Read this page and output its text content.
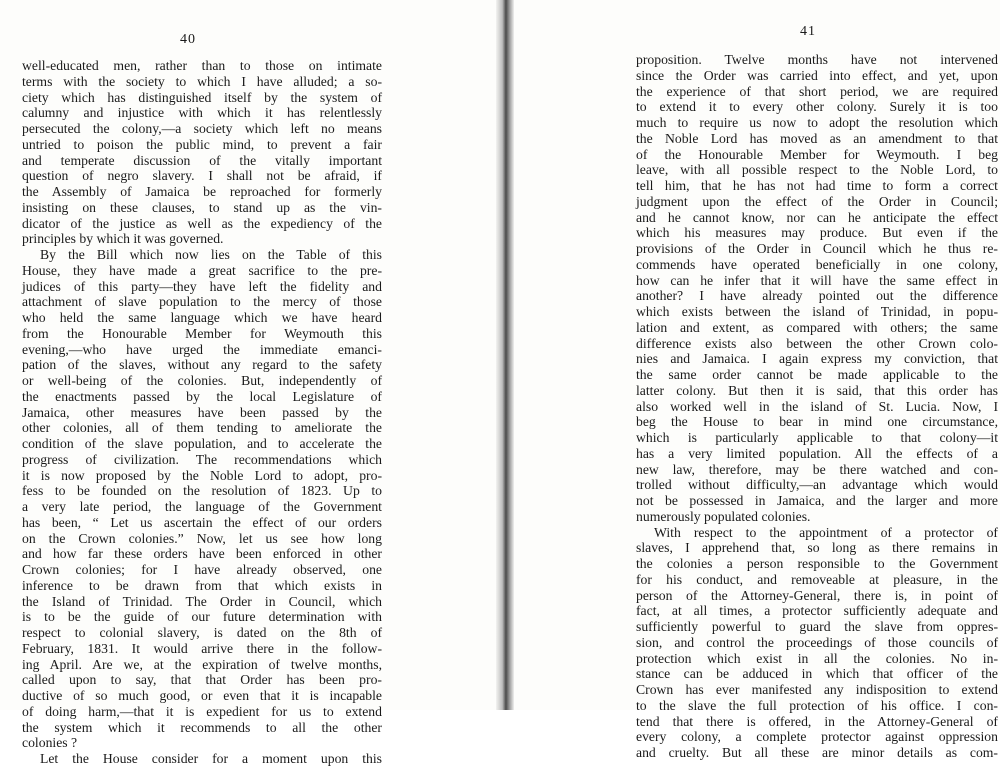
40
well-educated men, rather than to those on intimate
terms with the society to which I have alluded; a so-
ciety which has distinguished itself by the system of
calumny and injustice with which it has relentlessly
persecuted the colony,—a society which left no means
untried to poison the public mind, to prevent a fair
and temperate discussion of the vitally important
question of negro slavery. I shall not be afraid, if
the Assembly of Jamaica be reproached for formerly
insisting on these clauses, to stand up as the vin-
dicator of the justice as well as the expediency of the
principles by which it was governed.
By the Bill which now lies on the Table of this
House, they have made a great sacrifice to the pre-
judices of this party—they have left the fidelity and
attachment of slave population to the mercy of those
who held the same language which we have heard
from the Honourable Member for Weymouth this
evening,—who have urged the immediate emanci-
pation of the slaves, without any regard to the safety
or well-being of the colonies. But, independently of
the enactments passed by the local Legislature of
Jamaica, other measures have been passed by the
other colonies, all of them tending to ameliorate the
condition of the slave population, and to accelerate the
progress of civilization. The recommendations which
it is now proposed by the Noble Lord to adopt, pro-
fess to be founded on the resolution of 1823. Up to
a very late period, the language of the Government
has been, “ Let us ascertain the effect of our orders
on the Crown colonies.” Now, let us see how long
and how far these orders have been enforced in other
Crown colonies; for I have already observed, one
inference to be drawn from that which exists in
the Island of Trinidad. The Order in Council, which
is to be the guide of our future determination with
respect to colonial slavery, is dated on the 8th of
February, 1831. It would arrive there in the follow-
ing April. Are we, at the expiration of twelve months,
called upon to say, that that Order has been pro-
ductive of so much good, or even that it is incapable
of doing harm,—that it is expedient for us to extend
the system which it recommends to all the other
colonies ?
Let the House consider for a moment upon this
41
proposition. Twelve months have not intervened
since the Order was carried into effect, and yet, upon
the experience of that short period, we are required
to extend it to every other colony. Surely it is too
much to require us now to adopt the resolution which
the Noble Lord has moved as an amendment to that
of the Honourable Member for Weymouth. I beg
leave, with all possible respect to the Noble Lord, to
tell him, that he has not had time to form a correct
judgment upon the effect of the Order in Council;
and he cannot know, nor can he anticipate the effect
which his measures may produce. But even if the
provisions of the Order in Council which he thus re-
commends have operated beneficially in one colony,
how can he infer that it will have the same effect in
another? I have already pointed out the difference
which exists between the island of Trinidad, in popu-
lation and extent, as compared with others; the same
difference exists also between the other Crown colo-
nies and Jamaica. I again express my conviction, that
the same order cannot be made applicable to the
latter colony. But then it is said, that this order has
also worked well in the island of St. Lucia. Now, I
beg the House to bear in mind one circumstance,
which is particularly applicable to that colony—it
has a very limited population. All the effects of a
new law, therefore, may be there watched and con-
trolled without difficulty,—an advantage which would
not be possessed in Jamaica, and the larger and more
numerously populated colonies.
With respect to the appointment of a protector of
slaves, I apprehend that, so long as there remains in
the colonies a person responsible to the Government
for his conduct, and removeable at pleasure, in the
person of the Attorney-General, there is, in point of
fact, at all times, a protector sufficiently adequate and
sufficiently powerful to guard the slave from oppres-
sion, and control the proceedings of those councils of
protection which exist in all the colonies. No in-
stance can be adduced in which that officer of the
Crown has ever manifested any indisposition to extend
to the slave the full protection of his office. I con-
tend that there is offered, in the Attorney-General of
every colony, a complete protector against oppression
and cruelty. But all these are minor details as com-
